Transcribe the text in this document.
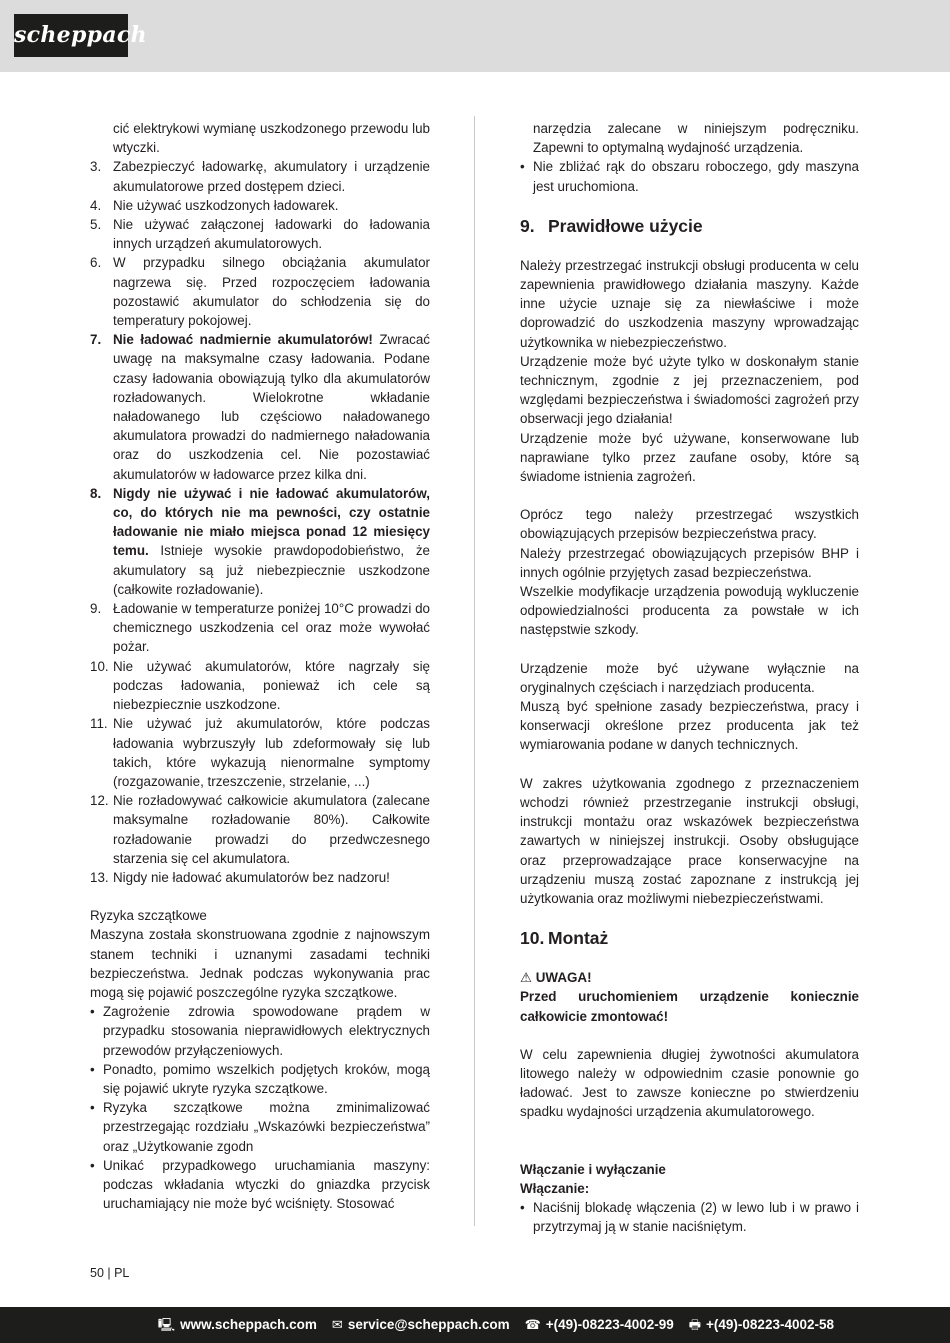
scheppach
cić elektrykowi wymianę uszkodzonego przewodu lub wtyczki.
3. Zabezpieczyć ładowarkę, akumulatory i urządzenie akumulatorowe przed dostępem dzieci.
4. Nie używać uszkodzonych ładowarek.
5. Nie używać załączonej ładowarki do ładowania innych urządzeń akumulatorowych.
6. W przypadku silnego obciążania akumulator nagrzewa się. Przed rozpoczęciem ładowania pozostawić akumulator do schłodzenia się do temperatury pokojowej.
7. Nie ładować nadmiernie akumulatorów! Zwracać uwagę na maksymalne czasy ładowania. Podane czasy ładowania obowiązują tylko dla akumulatorów rozładowanych. Wielokrotne wkładanie naładowanego lub częściowo naładowanego akumulatora prowadzi do nadmiernego naładowania oraz do uszkodzenia cel. Nie pozostawiać akumulatorów w ładowarce przez kilka dni.
8. Nigdy nie używać i nie ładować akumulatorów, co, do których nie ma pewności, czy ostatnie ładowanie nie miało miejsca ponad 12 miesięcy temu. Istnieje wysokie prawdopodobieństwo, że akumulatory są już niebezpiecznie uszkodzone (całkowite rozładowanie).
9. Ładowanie w temperaturze poniżej 10°C prowadzi do chemicznego uszkodzenia cel oraz może wywołać pożar.
10. Nie używać akumulatorów, które nagrzały się podczas ładowania, ponieważ ich cele są niebezpiecznie uszkodzone.
11. Nie używać już akumulatorów, które podczas ładowania wybrzuszyły lub zdeformowały się lub takich, które wykazują nienormalne symptomy (rozgazowanie, trzeszczenie, strzelanie, ...)
12. Nie rozładowywać całkowicie akumulatora (zalecane maksymalne rozładowanie 80%). Całkowite rozładowanie prowadzi do przedwczesnego starzenia się cel akumulatora.
13. Nigdy nie ładować akumulatorów bez nadzoru!

Ryzyka szczątkowe

Maszyna została skonstruowana zgodnie z najnowszym stanem techniki i uznanymi zasadami techniki bezpieczeństwa. Jednak podczas wykonywania prac mogą się pojawić poszczególne ryzyka szczątkowe.

• Zagrożenie zdrowia spowodowane prądem w przypadku stosowania nieprawidłowych elektrycznych przewodów przyłączeniowych.
• Ponadto, pomimo wszelkich podjętych kroków, mogą się pojawić ukryte ryzyka szczątkowe.
• Ryzyka szczątkowe można zminimalizować przestrzegając rozdziału „Wskazówki bezpieczeństwa” oraz „Użytkowanie zgodn
• Unikać przypadkowego uruchamiania maszyny: podczas wkładania wtyczki do gniazdka przycisk uruchamiający nie może być wciśnięty. Stosować
narzędzia zalecane w niniejszym podręczniku. Zapewni to optymalną wydajność urządzenia.
• Nie zbliżać rąk do obszaru roboczego, gdy maszyna jest uruchomiona.
9. Prawidłowe użycie

Należy przestrzegać instrukcji obsługi producenta w celu zapewnienia prawidłowego działania maszyny. Każde inne użycie uznaje się za niewłaściwe i może doprowadzić do uszkodzenia maszyny wprowadzając użytkownika w niebezpieczeństwo.

Urządzenie może być użyte tylko w doskonałym stanie technicznym, zgodnie z jej przeznaczeniem, pod względami bezpieczeństwa i świadomości zagrożeń przy obserwacji jego działania!

Urządzenie może być używane, konserwowane lub naprawiane tylko przez zaufane osoby, które są świadome istnienia zagrożeń.

Oprócz tego należy przestrzegać wszystkich obowiązujących przepisów bezpieczeństwa pracy.

Należy przestrzegać obowiązujących przepisów BHP i innych ogólnie przyjętych zasad bezpieczeństwa.

Wszelkie modyfikacje urządzenia powodują wykluczenie odpowiedzialności producenta za powstałe w ich następstwie szkody.

Urządzenie może być używane wyłącznie na oryginalnych częściach i narzędziach producenta.

Muszą być spełnione zasady bezpieczeństwa, pracy i konserwacji określone przez producenta jak też wymiarowania podane w danych technicznych.

W zakres użytkowania zgodnego z przeznaczeniem wchodzi również przestrzeganie instrukcji obsługi, instrukcji montażu oraz wskazówek bezpieczeństwa zawartych w niniejszej instrukcji. Osoby obsługujące oraz przeprowadzające prace konserwacyjne na urządzeniu muszą zostać zapoznane z instrukcją jej użytkowania oraz możliwymi niebezpieczeństwami.

10. Montaż

⚠ UWAGA!

Przed uruchomieniem urządzenie koniecznie całkowicie zmontować!

W celu zapewnienia długiej żywotności akumulatora litowego należy w odpowiednim czasie ponownie go ładować. Jest to zawsze konieczne po stwierdzeniu spadku wydajności urządzenia akumulatorowego.

Włączanie i wyłączanie

Włączanie:

• Naciśnij blokadę włączenia (2) w lewo lub i w prawo i przytrzymaj ją w stanie naciśniętym.
50 | PL
🖳 www.scheppach.com ✉ service@scheppach.com ☎ +(49)-08223-4002-99 🖶 +(49)-08223-4002-58
